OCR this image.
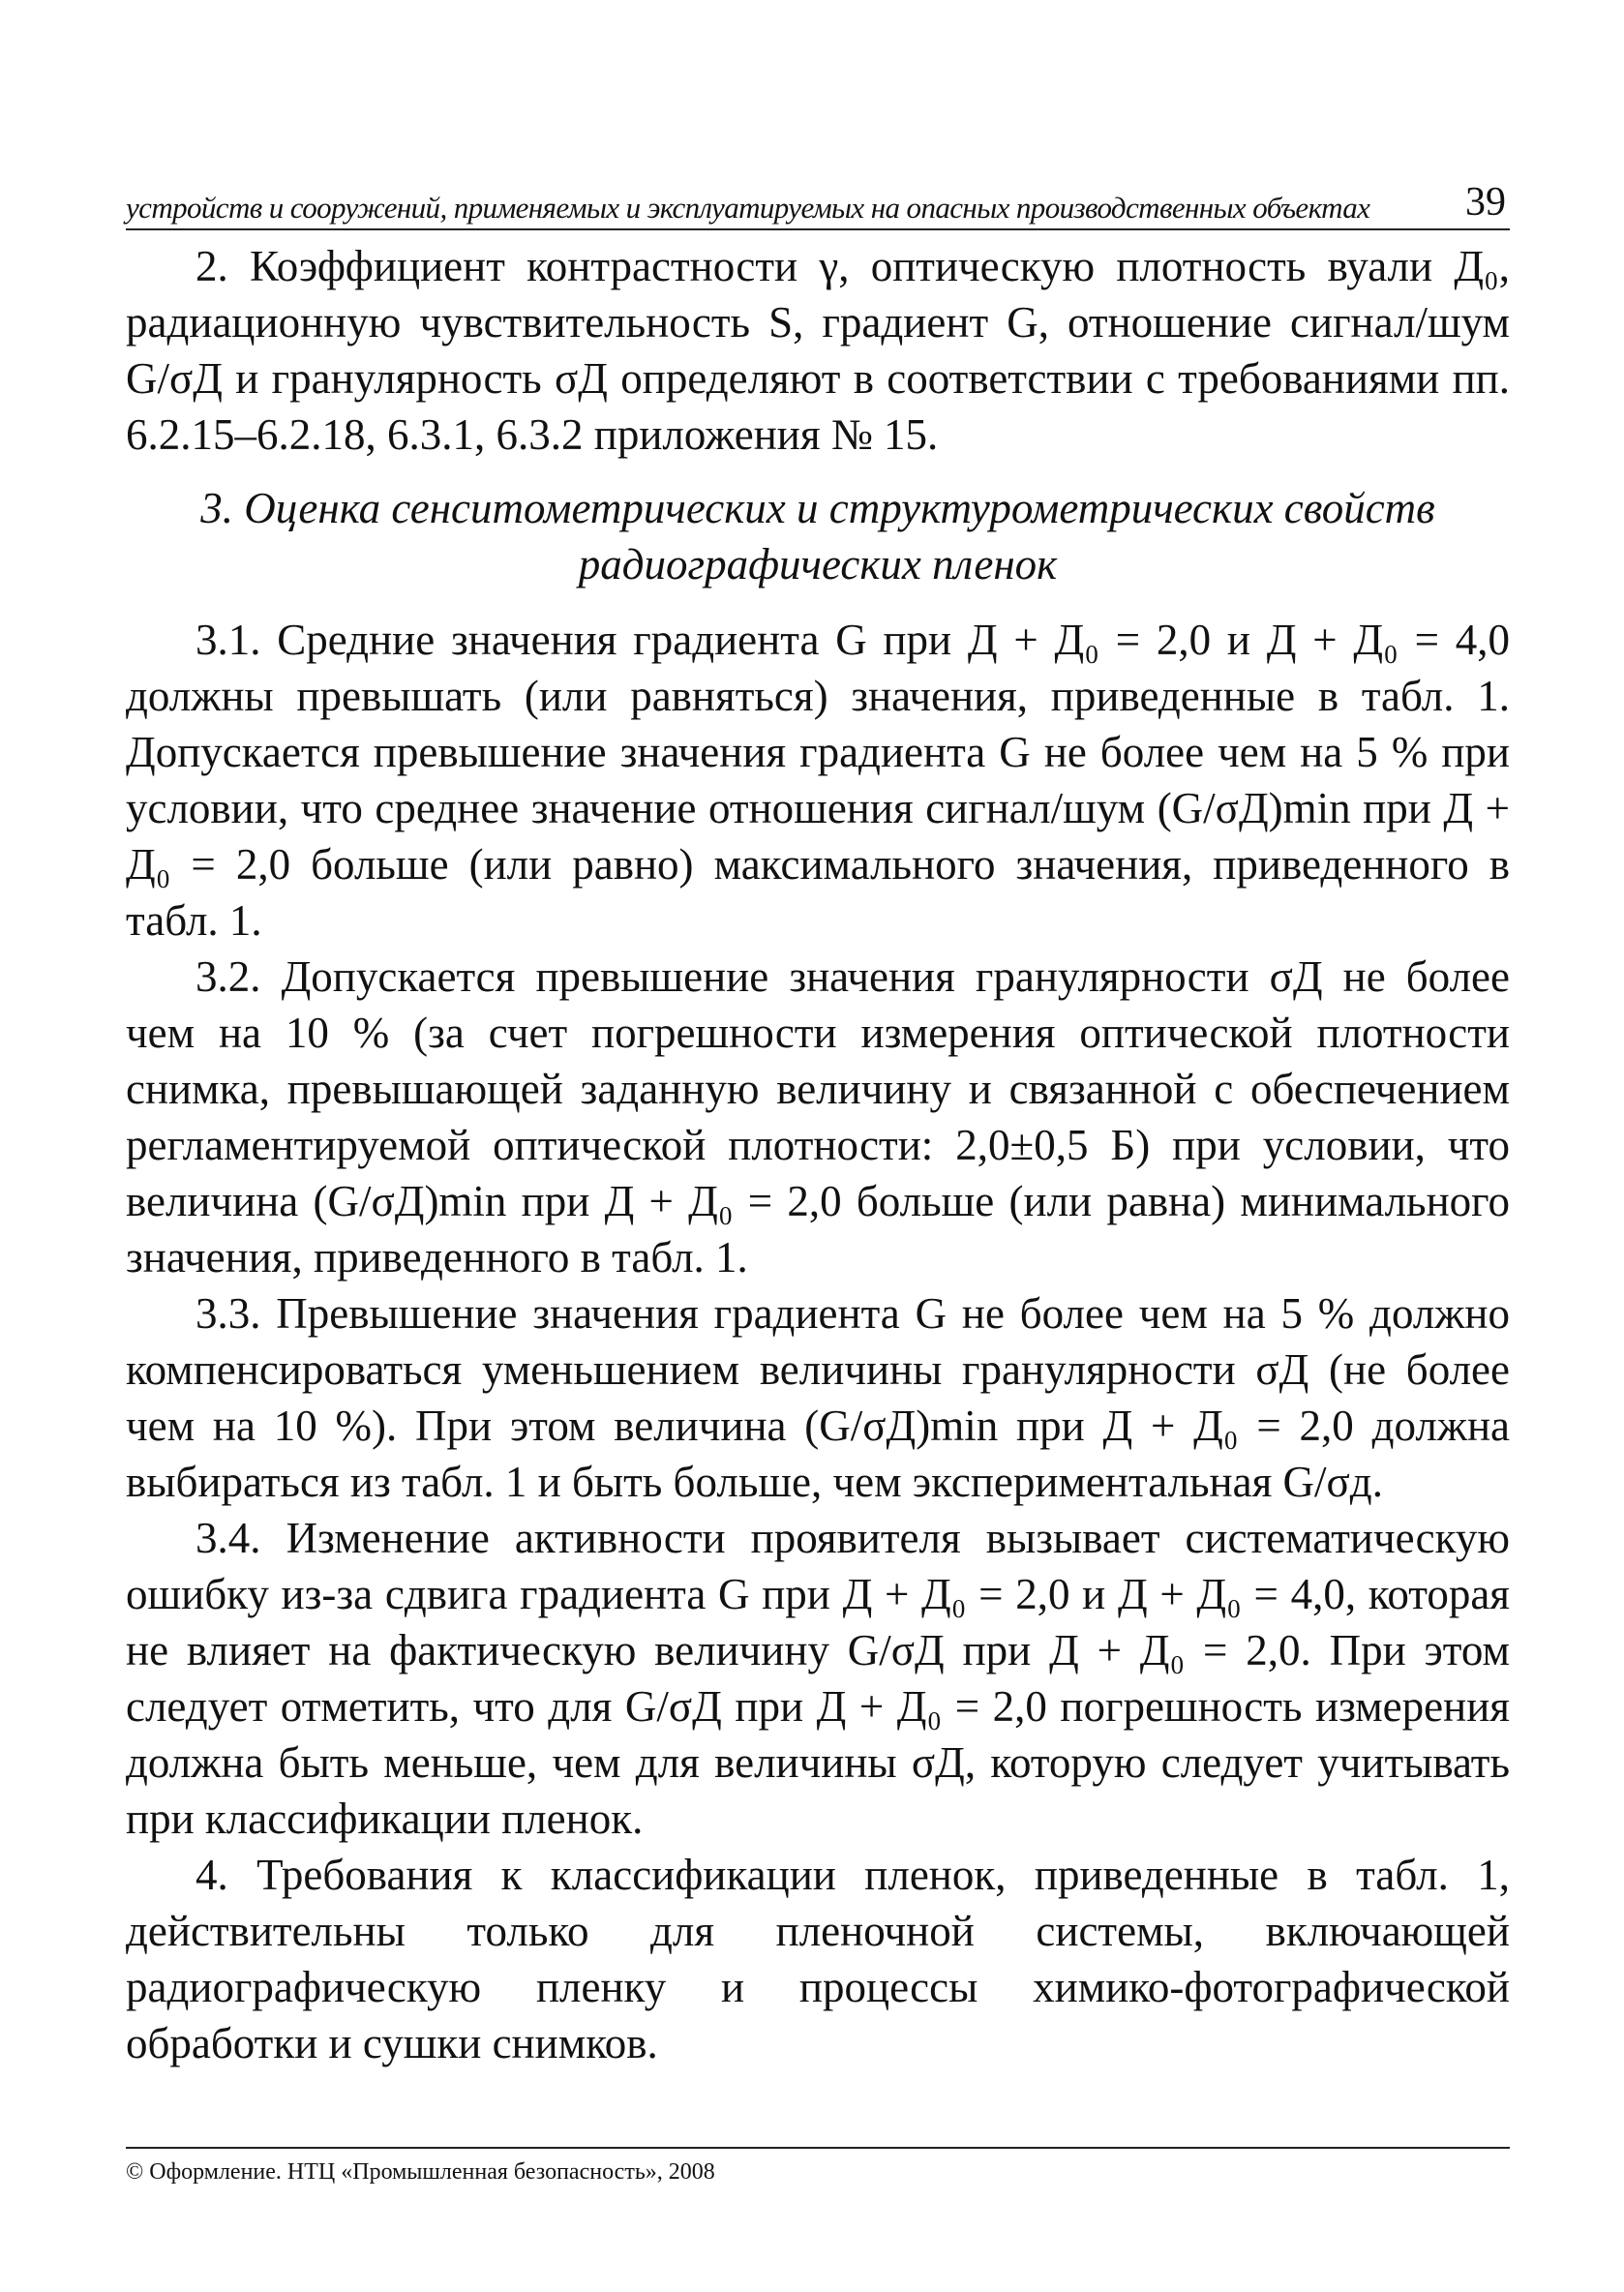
устройств и сооружений, применяемых и эксплуатируемых на опасных производственных объектах 39

2. Коэффициент контрастности γ, оптическую плотность вуали Д₀, радиационную чувствительность S, градиент G, отношение сигнал/шум G/σД и гранулярность σД определяют в соответствии с требованиями пп. 6.2.15–6.2.18, 6.3.1, 6.3.2 приложения № 15.

3. Оценка сенситометрических и структурометрических свойств радиографических пленок

3.1. Средние значения градиента G при Д + Д₀ = 2,0 и Д + Д₀ = 4,0 должны превышать (или равняться) значения, приведенные в табл. 1. Допускается превышение значения градиента G не более чем на 5 % при условии, что среднее значение отношения сигнал/шум (G/σД)min при Д + Д₀ = 2,0 больше (или равно) максимального значения, приведенного в табл. 1.

3.2. Допускается превышение значения гранулярности σД не более чем на 10 % (за счет погрешности измерения оптической плотности снимка, превышающей заданную величину и связанной с обеспечением регламентируемой оптической плотности: 2,0±0,5 Б) при условии, что величина (G/σД)min при Д + Д₀ = 2,0 больше (или равна) минимального значения, приведенного в табл. 1.

3.3. Превышение значения градиента G не более чем на 5 % должно компенсироваться уменьшением величины гранулярности σД (не более чем на 10 %). При этом величина (G/σД)min при Д + Д₀ = 2,0 должна выбираться из табл. 1 и быть больше, чем экспериментальная G/σд.

3.4. Изменение активности проявителя вызывает систематическую ошибку из-за сдвига градиента G при Д + Д₀ = 2,0 и Д + Д₀ = 4,0, которая не влияет на фактическую величину G/σД при Д + Д₀ = 2,0. При этом следует отметить, что для G/σД при Д + Д₀ = 2,0 погрешность измерения должна быть меньше, чем для величины σД, которую следует учитывать при классификации пленок.

4. Требования к классификации пленок, приведенные в табл. 1, действительны только для пленочной системы, включающей радиографическую пленку и процессы химико-фотографической обработки и сушки снимков.

© Оформление. НТЦ «Промышленная безопасность», 2008
